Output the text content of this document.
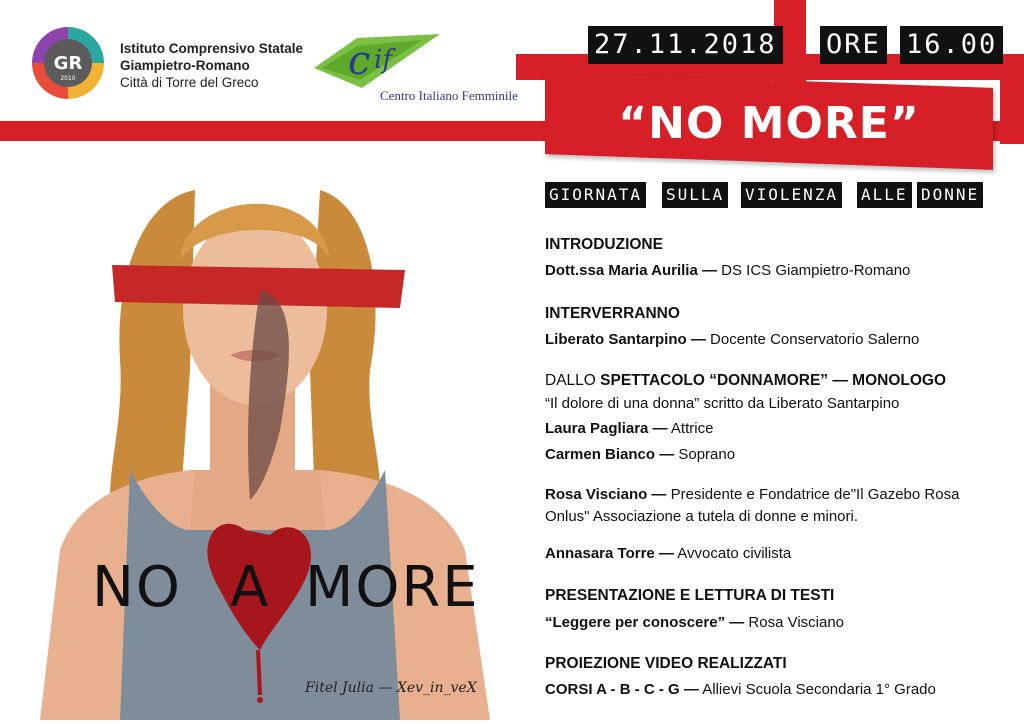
27.11.2018 ORE 16.00
“NO MORE”
GIORNATA SULLA VIOLENZA ALLE DONNE
GR
2010
Istituto Comprensivo Statale
Giampietro-Romano
Città di Torre del Greco	c if
Centro Italiano Femminile
NO A MORE
Fitel Julia — Xev_in_veX
INTRODUZIONE
Dott.ssa Maria Aurilia — DS ICS Giampietro-Romano
INTERVERRANNO
Liberato Santarpino — Docente Conservatorio Salerno
DALLO SPETTACOLO “DONNAMORE” — MONOLOGO
“Il dolore di una donna” scritto da Liberato Santarpino
Laura Pagliara — Attrice
Carmen Bianco — Soprano
Rosa Visciano — Presidente e Fondatrice de"Il Gazebo Rosa
Onlus" Associazione a tutela di donne e minori.
Annasara Torre — Avvocato civilista
PRESENTAZIONE E LETTURA DI TESTI
“Leggere per conoscere” — Rosa Visciano
PROIEZIONE VIDEO REALIZZATI
CORSI A - B - C - G — Allievi Scuola Secondaria 1° Grado
